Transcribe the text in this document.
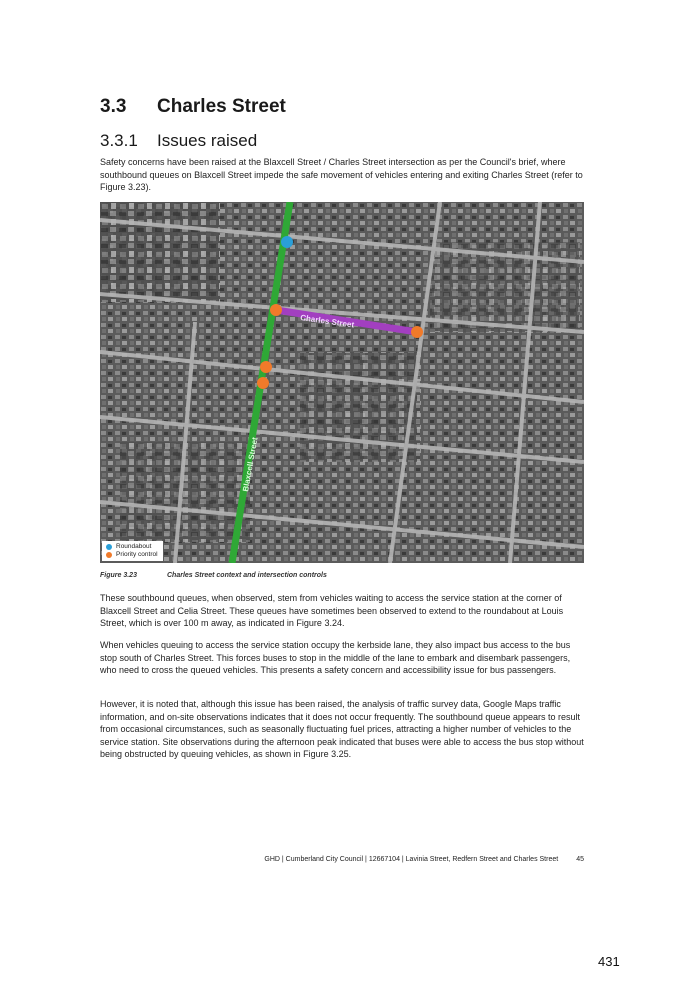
3.3 Charles Street
3.3.1 Issues raised

Safety concerns have been raised at the Blaxcell Street / Charles Street intersection as per the Council's brief, where southbound queues on Blaxcell Street impede the safe movement of vehicles entering and exiting Charles Street (refer to Figure 3.23).

Charles Street
Blaxcell Street
Roundabout
Priority control
Figure 3.23	Charles Street context and intersection controls

These southbound queues, when observed, stem from vehicles waiting to access the service station at the corner of Blaxcell Street and Celia Street. These queues have sometimes been observed to extend to the roundabout at Louis Street, which is over 100 m away, as indicated in Figure 3.24.

When vehicles queuing to access the service station occupy the kerbside lane, they also impact bus access to the bus stop south of Charles Street. This forces buses to stop in the middle of the lane to embark and disembark passengers, who need to cross the queued vehicles. This presents a safety concern and accessibility issue for bus passengers.

However, it is noted that, although this issue has been raised, the analysis of traffic survey data, Google Maps traffic information, and on-site observations indicates that it does not occur frequently. The southbound queue appears to result from occasional circumstances, such as seasonally fluctuating fuel prices, attracting a higher number of vehicles to the service station. Site observations during the afternoon peak indicated that buses were able to access the bus stop without being obstructed by queuing vehicles, as shown in Figure 3.25.

GHD | Cumberland City Council | 12667104 | Lavinia Street, Redfern Street and Charles Street	45
431
